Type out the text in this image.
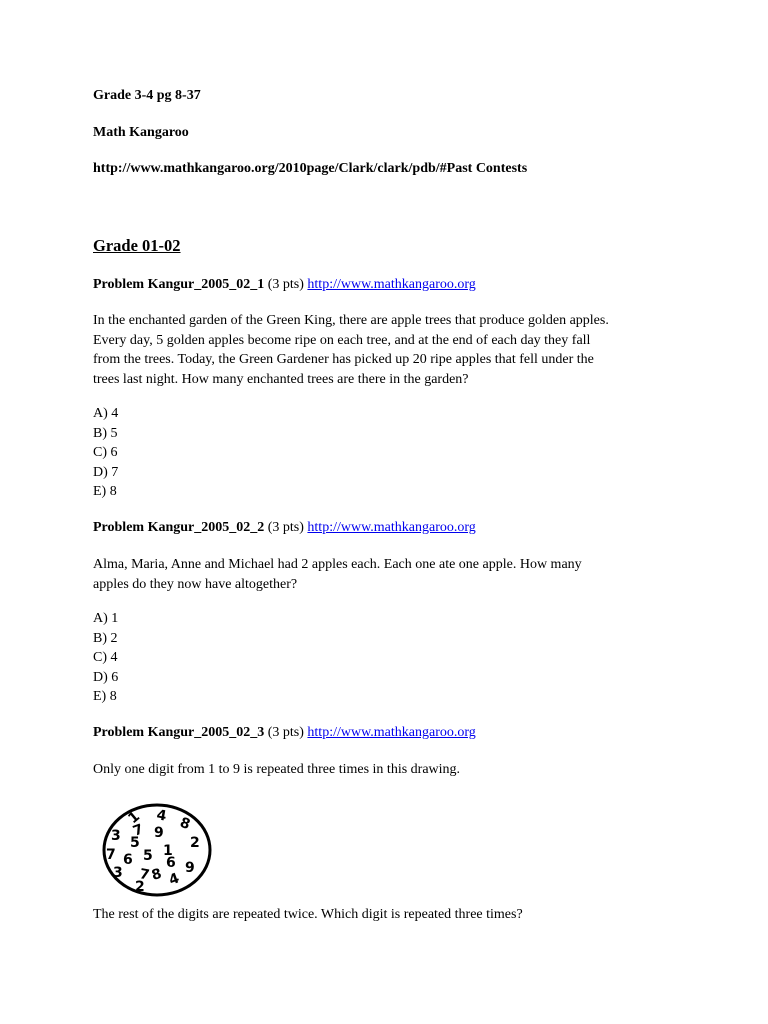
Grade 3-4 pg 8-37
Math Kangaroo
http://www.mathkangaroo.org/2010page/Clark/clark/pdb/#Past Contests
Grade 01-02
Problem Kangur_2005_02_1 (3 pts) http://www.mathkangaroo.org
In the enchanted garden of the Green King, there are apple trees that produce golden apples.
Every day, 5 golden apples become ripe on each tree, and at the end of each day they fall
from the trees. Today, the Green Gardener has picked up 20 ripe apples that fell under the
trees last night. How many enchanted trees are there in the garden?
A) 4
B) 5
C) 6
D) 7
E) 8
Problem Kangur_2005_02_2 (3 pts) http://www.mathkangaroo.org
Alma, Maria, Anne and Michael had 2 apples each. Each one ate one apple. How many
apples do they now have altogether?
A) 1
B) 2
C) 4
D) 6
E) 8
Problem Kangur_2005_02_3 (3 pts) http://www.mathkangaroo.org
Only one digit from 1 to 9 is repeated three times in this drawing.
1 4 8
3 7 9
2
5
7	1
6 5 6 9
3 7 8
2 4
The rest of the digits are repeated twice. Which digit is repeated three times?
